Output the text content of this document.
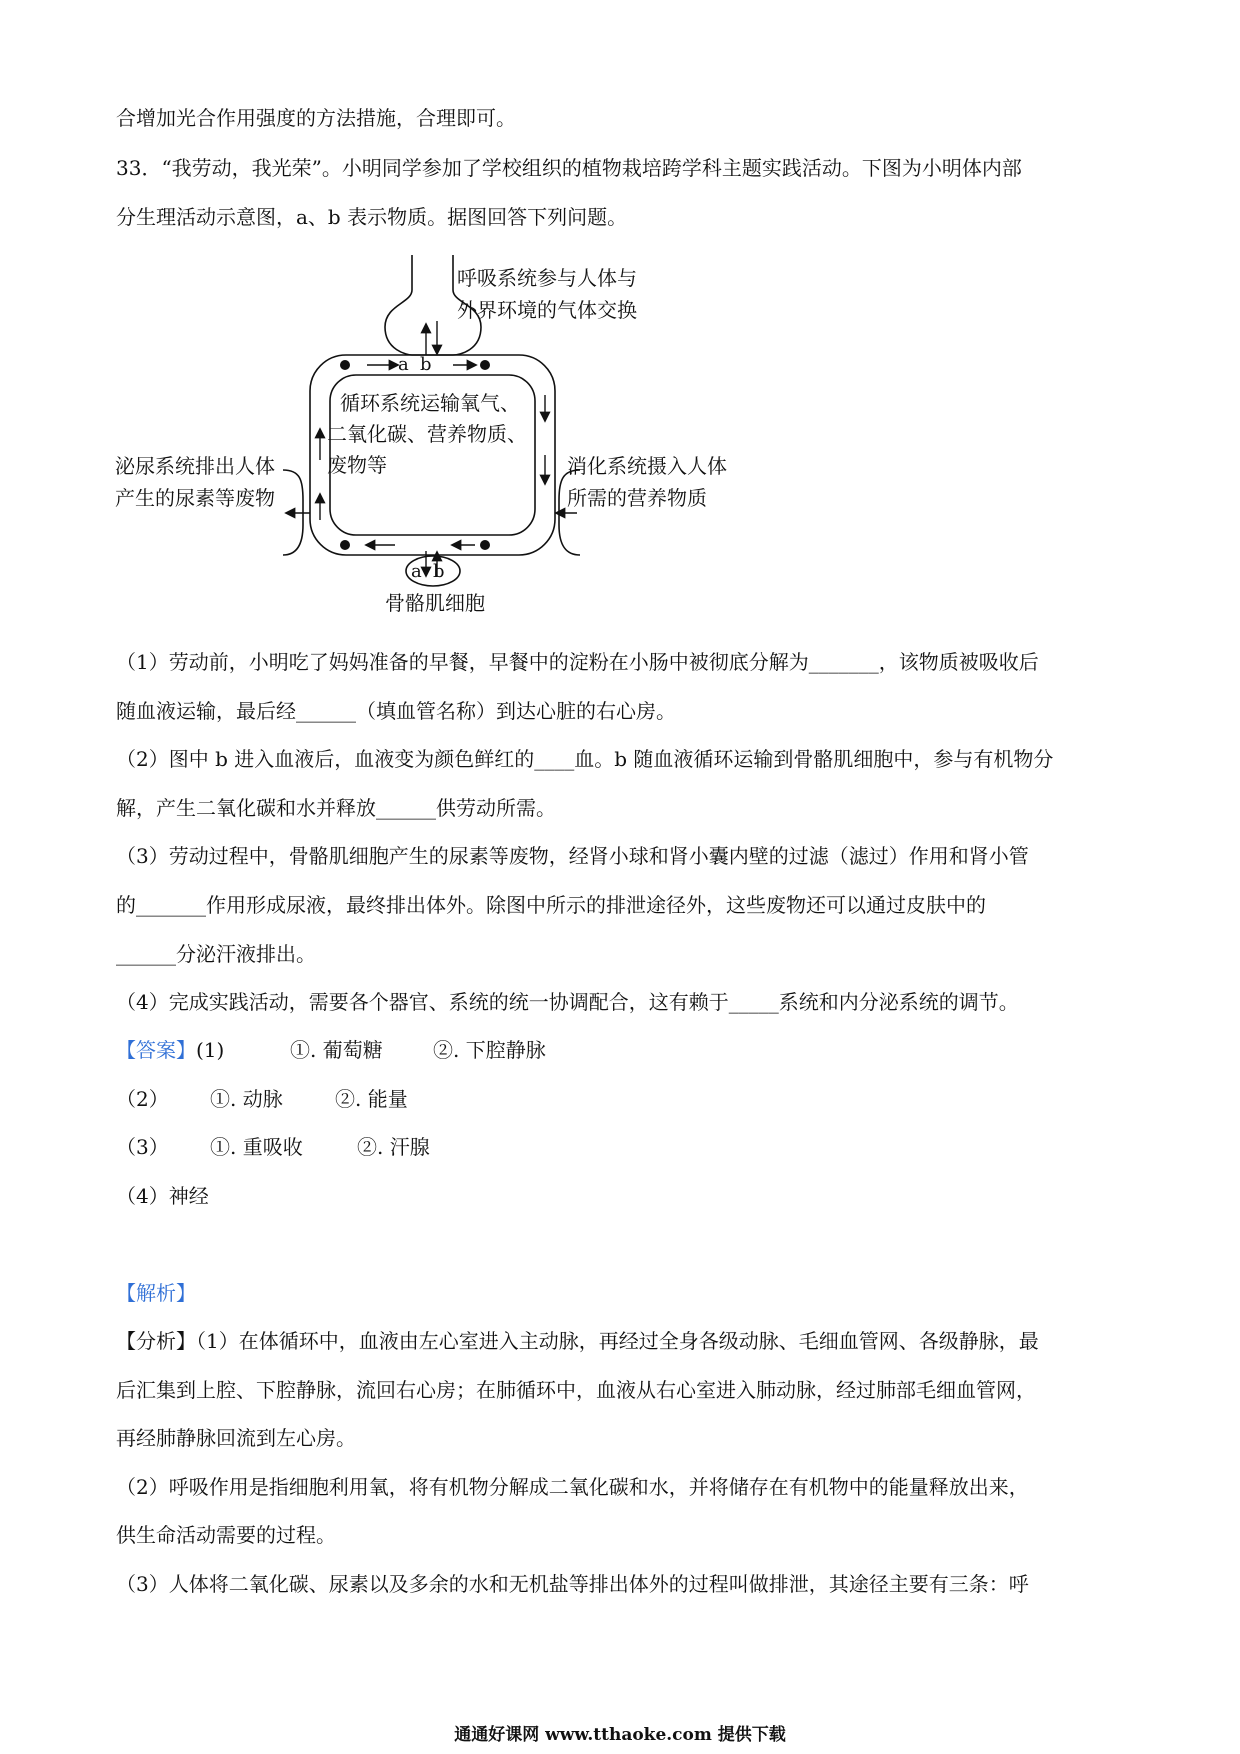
合增加光合作用强度的方法措施，合理即可。
33．“我劳动，我光荣”。小明同学参加了学校组织的植物栽培跨学科主题实践活动。下图为小明体内部
分生理活动示意图，a、b 表示物质。据图回答下列问题。
呼吸系统参与人体与
外界环境的气体交换
循环系统运输氧气、
二氧化碳、营养物质、
废物等
泌尿系统排出人体
产生的尿素等废物
消化系统摄入人体
所需的营养物质
骨骼肌细胞
a b
a b
（1）劳动前，小明吃了妈妈准备的早餐，早餐中的淀粉在小肠中被彻底分解为_______，该物质被吸收后
随血液运输，最后经______（填血管名称）到达心脏的右心房。
（2）图中 b 进入血液后，血液变为颜色鲜红的____血。b 随血液循环运输到骨骼肌细胞中，参与有机物分
解，产生二氧化碳和水并释放______供劳动所需。
（3）劳动过程中，骨骼肌细胞产生的尿素等废物，经肾小球和肾小囊内壁的过滤（滤过）作用和肾小管
的_______作用形成尿液，最终排出体外。除图中所示的排泄途径外，这些废物还可以通过皮肤中的
______分泌汗液排出。
（4）完成实践活动，需要各个器官、系统的统一协调配合，这有赖于_____系统和内分泌系统的调节。
【答案】(1)	①. 葡萄糖	②. 下腔静脉
（2） ①. 动脉	②. 能量
（3） ①. 重吸收	②. 汗腺
（4）神经
【解析】
【分析】（1）在体循环中，血液由左心室进入主动脉，再经过全身各级动脉、毛细血管网、各级静脉，最
后汇集到上腔、下腔静脉，流回右心房；在肺循环中，血液从右心室进入肺动脉，经过肺部毛细血管网，
再经肺静脉回流到左心房。
（2）呼吸作用是指细胞利用氧，将有机物分解成二氧化碳和水，并将储存在有机物中的能量释放出来，
供生命活动需要的过程。
（3）人体将二氧化碳、尿素以及多余的水和无机盐等排出体外的过程叫做排泄，其途径主要有三条：呼
通通好课网 www.tthaoke.com 提供下载
